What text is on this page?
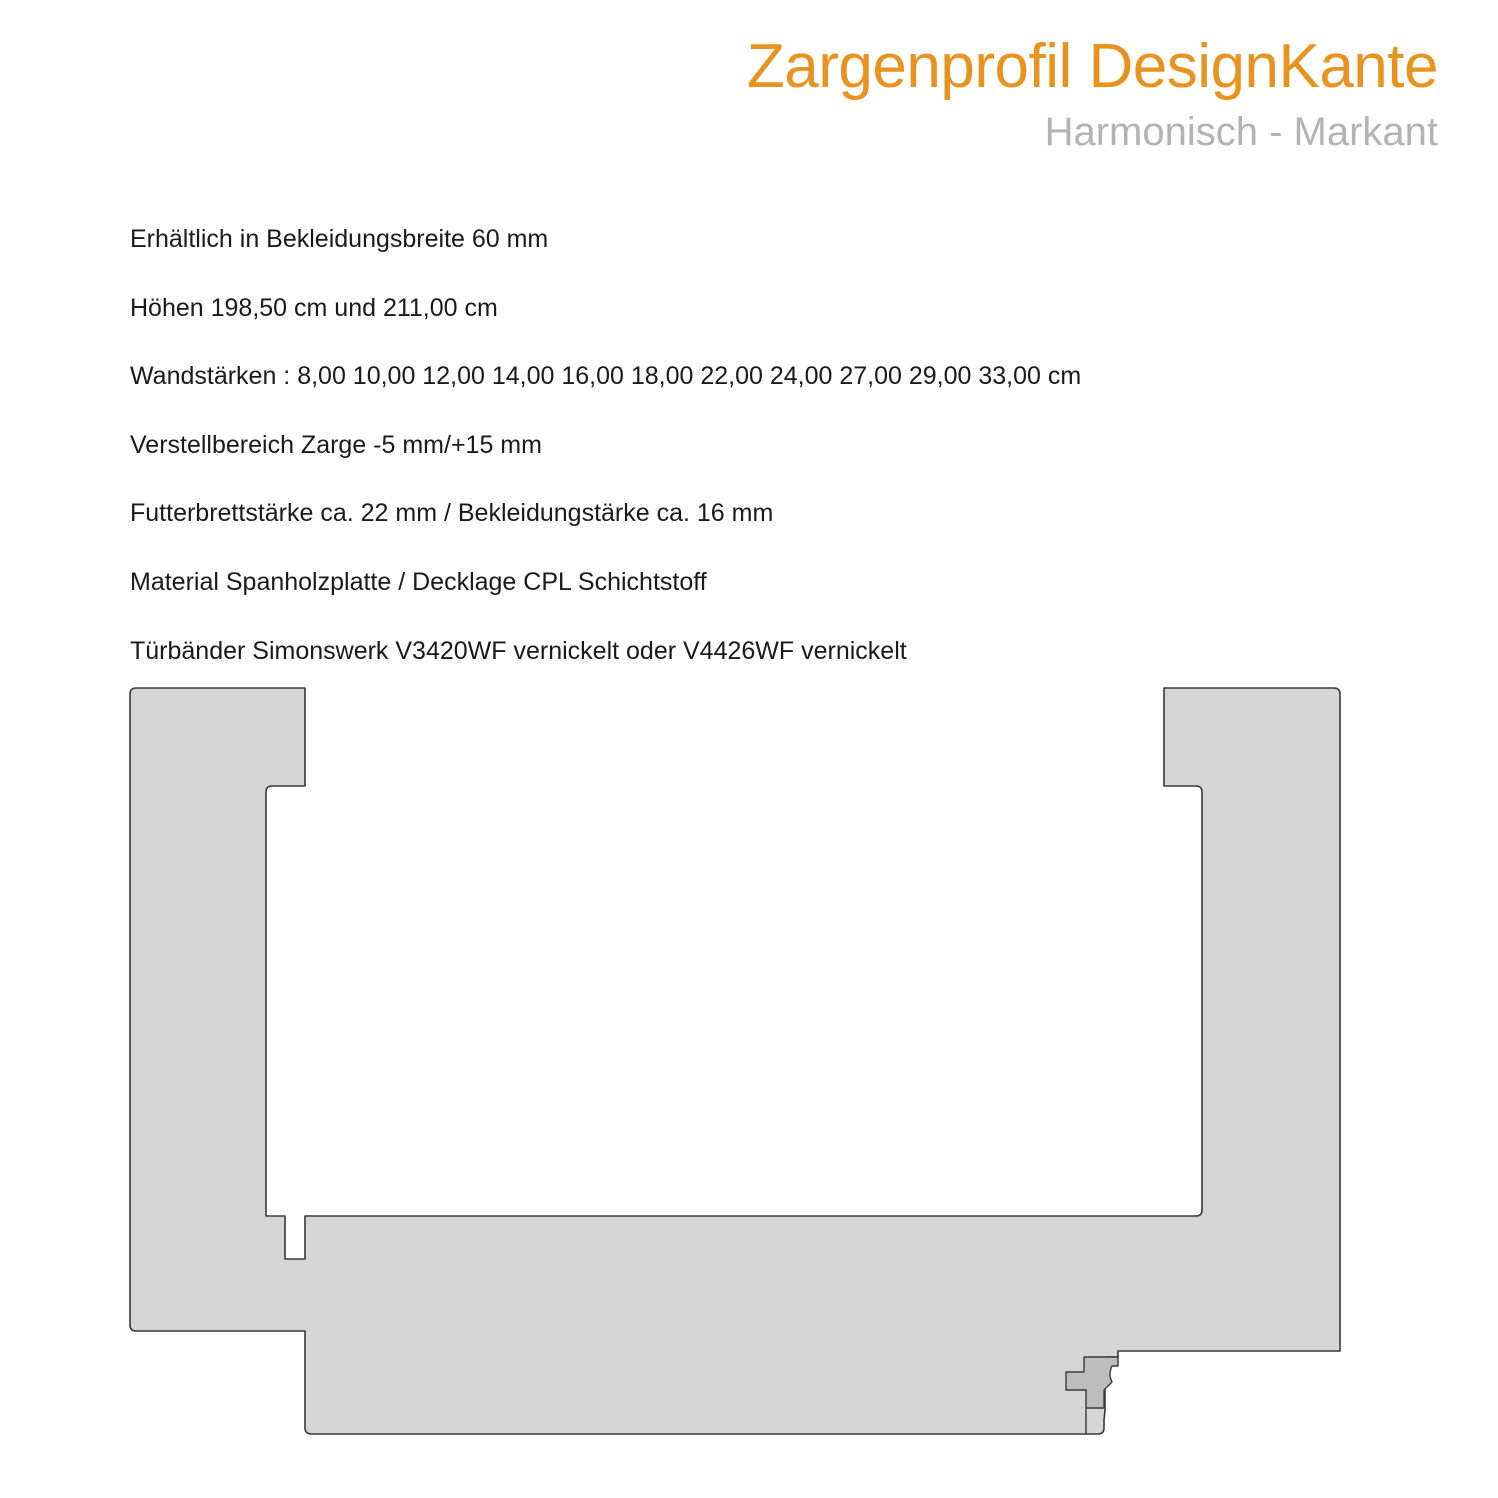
Zargenprofil DesignKante
Harmonisch - Markant
Erhältlich in Bekleidungsbreite 60 mm
Höhen 198,50 cm und 211,00 cm
Wandstärken : 8,00 10,00 12,00 14,00 16,00 18,00 22,00 24,00 27,00 29,00 33,00 cm
Verstellbereich Zarge -5 mm/+15 mm
Futterbrettstärke ca. 22 mm / Bekleidungstärke ca. 16 mm
Material Spanholzplatte / Decklage CPL Schichtstoff
Türbänder Simonswerk V3420WF vernickelt oder V4426WF vernickelt
